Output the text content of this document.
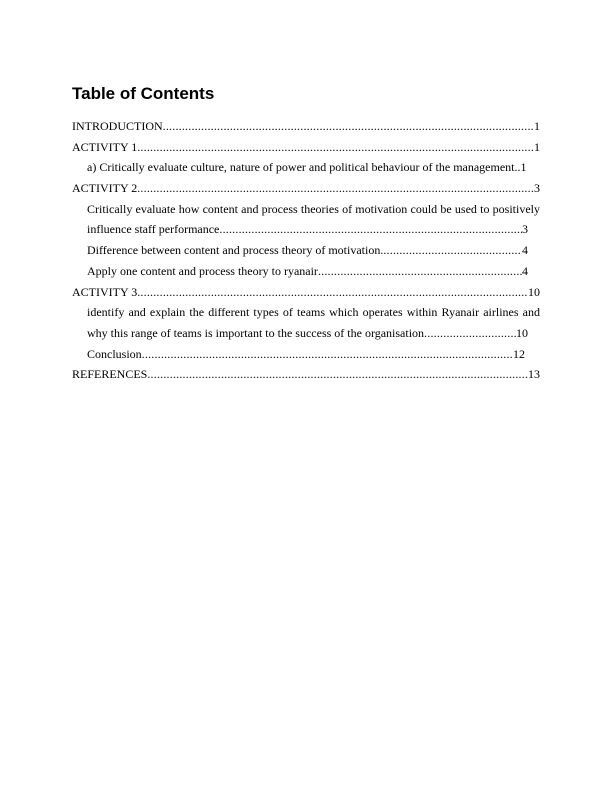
Table of Contents
INTRODUCTION .....	1
ACTIVITY 1 .....	1
a) Critically evaluate culture, nature of power and political behaviour of the management.. 1
ACTIVITY 2 .....	3
Critically evaluate how content and process theories of motivation could be used to positively
influence staff performance .....	3
Difference between content and process theory of motivation. .....	4
Apply one content and process theory to ryanair .....	4
ACTIVITY 3 .....	10
identify and explain the different types of teams which operates within Ryanair airlines and
why this range of teams is important to the success of the organisation .....	10
Conclusion .....	12
REFERENCES .....	13
